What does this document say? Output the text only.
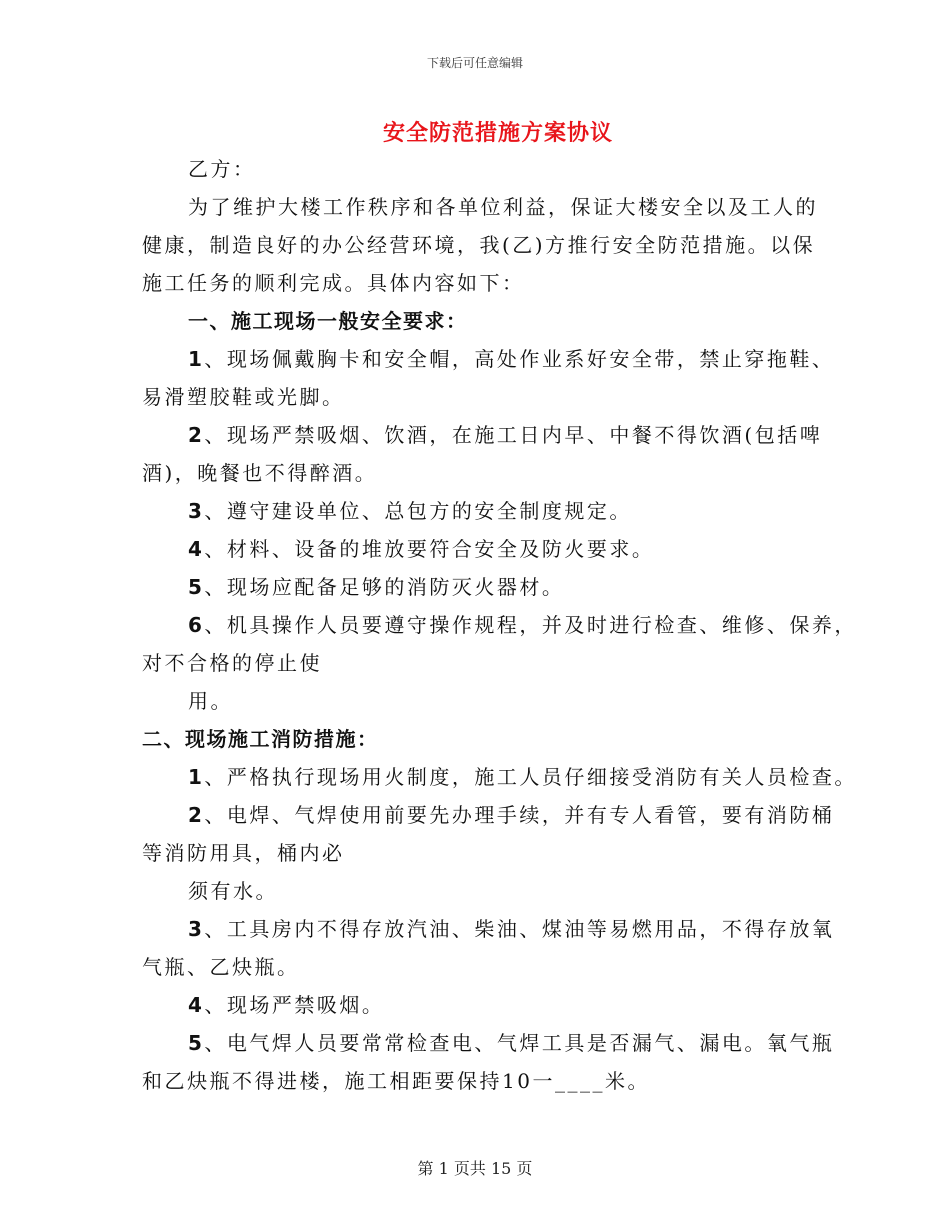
下载后可任意编辑
安全防范措施方案协议
乙方：
为了维护大楼工作秩序和各单位利益，保证大楼安全以及工人的
健康，制造良好的办公经营环境，我(乙)方推行安全防范措施。以保
施工任务的顺利完成。具体内容如下：
一、施工现场一般安全要求：
1、现场佩戴胸卡和安全帽，高处作业系好安全带，禁止穿拖鞋、
易滑塑胶鞋或光脚。
2、现场严禁吸烟、饮酒，在施工日内早、中餐不得饮酒(包括啤
酒)，晚餐也不得醉酒。
3、遵守建设单位、总包方的安全制度规定。
4、材料、设备的堆放要符合安全及防火要求。
5、现场应配备足够的消防灭火器材。
6、机具操作人员要遵守操作规程，并及时进行检查、维修、保养，
对不合格的停止使
用。
二、现场施工消防措施：
1、严格执行现场用火制度，施工人员仔细接受消防有关人员检查。
2、电焊、气焊使用前要先办理手续，并有专人看管，要有消防桶
等消防用具，桶内必
须有水。
3、工具房内不得存放汽油、柴油、煤油等易燃用品，不得存放氧
气瓶、乙炔瓶。
4、现场严禁吸烟。
5、电气焊人员要常常检查电、气焊工具是否漏气、漏电。氧气瓶
和乙炔瓶不得进楼，施工相距要保持10一____米。
第 1 页共 15 页
